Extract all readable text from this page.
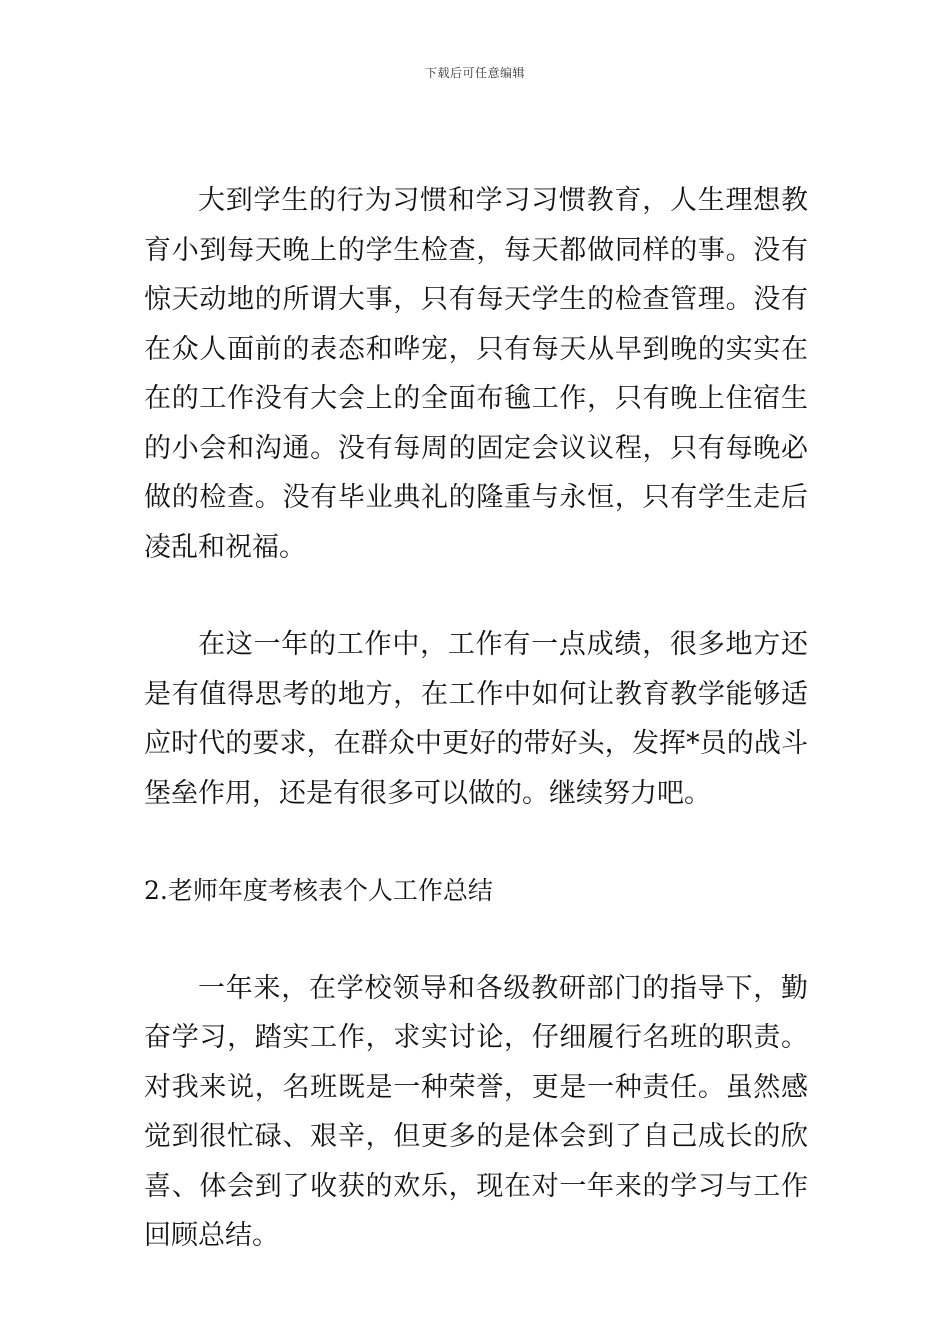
下载后可任意编辑

大到学生的行为习惯和学习习惯教育，人生理想教育小到每天晚上的学生检查，每天都做同样的事。没有惊天动地的所谓大事，只有每天学生的检查管理。没有在众人面前的表态和哗宠，只有每天从早到晚的实实在在的工作没有大会上的全面布毺工作，只有晚上住宿生的小会和沟通。没有每周的固定会议议程，只有每晚必做的检查。没有毕业典礼的隆重与永恒，只有学生走后凌乱和祝福。

在这一年的工作中，工作有一点成绩，很多地方还是有值得思考的地方，在工作中如何让教育教学能够适应时代的要求，在群众中更好的带好头，发挥*员的战斗堡垒作用，还是有很多可以做的。继续努力吧。

2.老师年度考核表个人工作总结

一年来，在学校领导和各级教研部门的指导下，勤奋学习，踏实工作，求实讨论，仔细履行名班的职责。对我来说，名班既是一种荣誉，更是一种责任。虽然感觉到很忙碌、艰辛，但更多的是体会到了自己成长的欣喜、体会到了收获的欢乐，现在对一年来的学习与工作回顾总结。
